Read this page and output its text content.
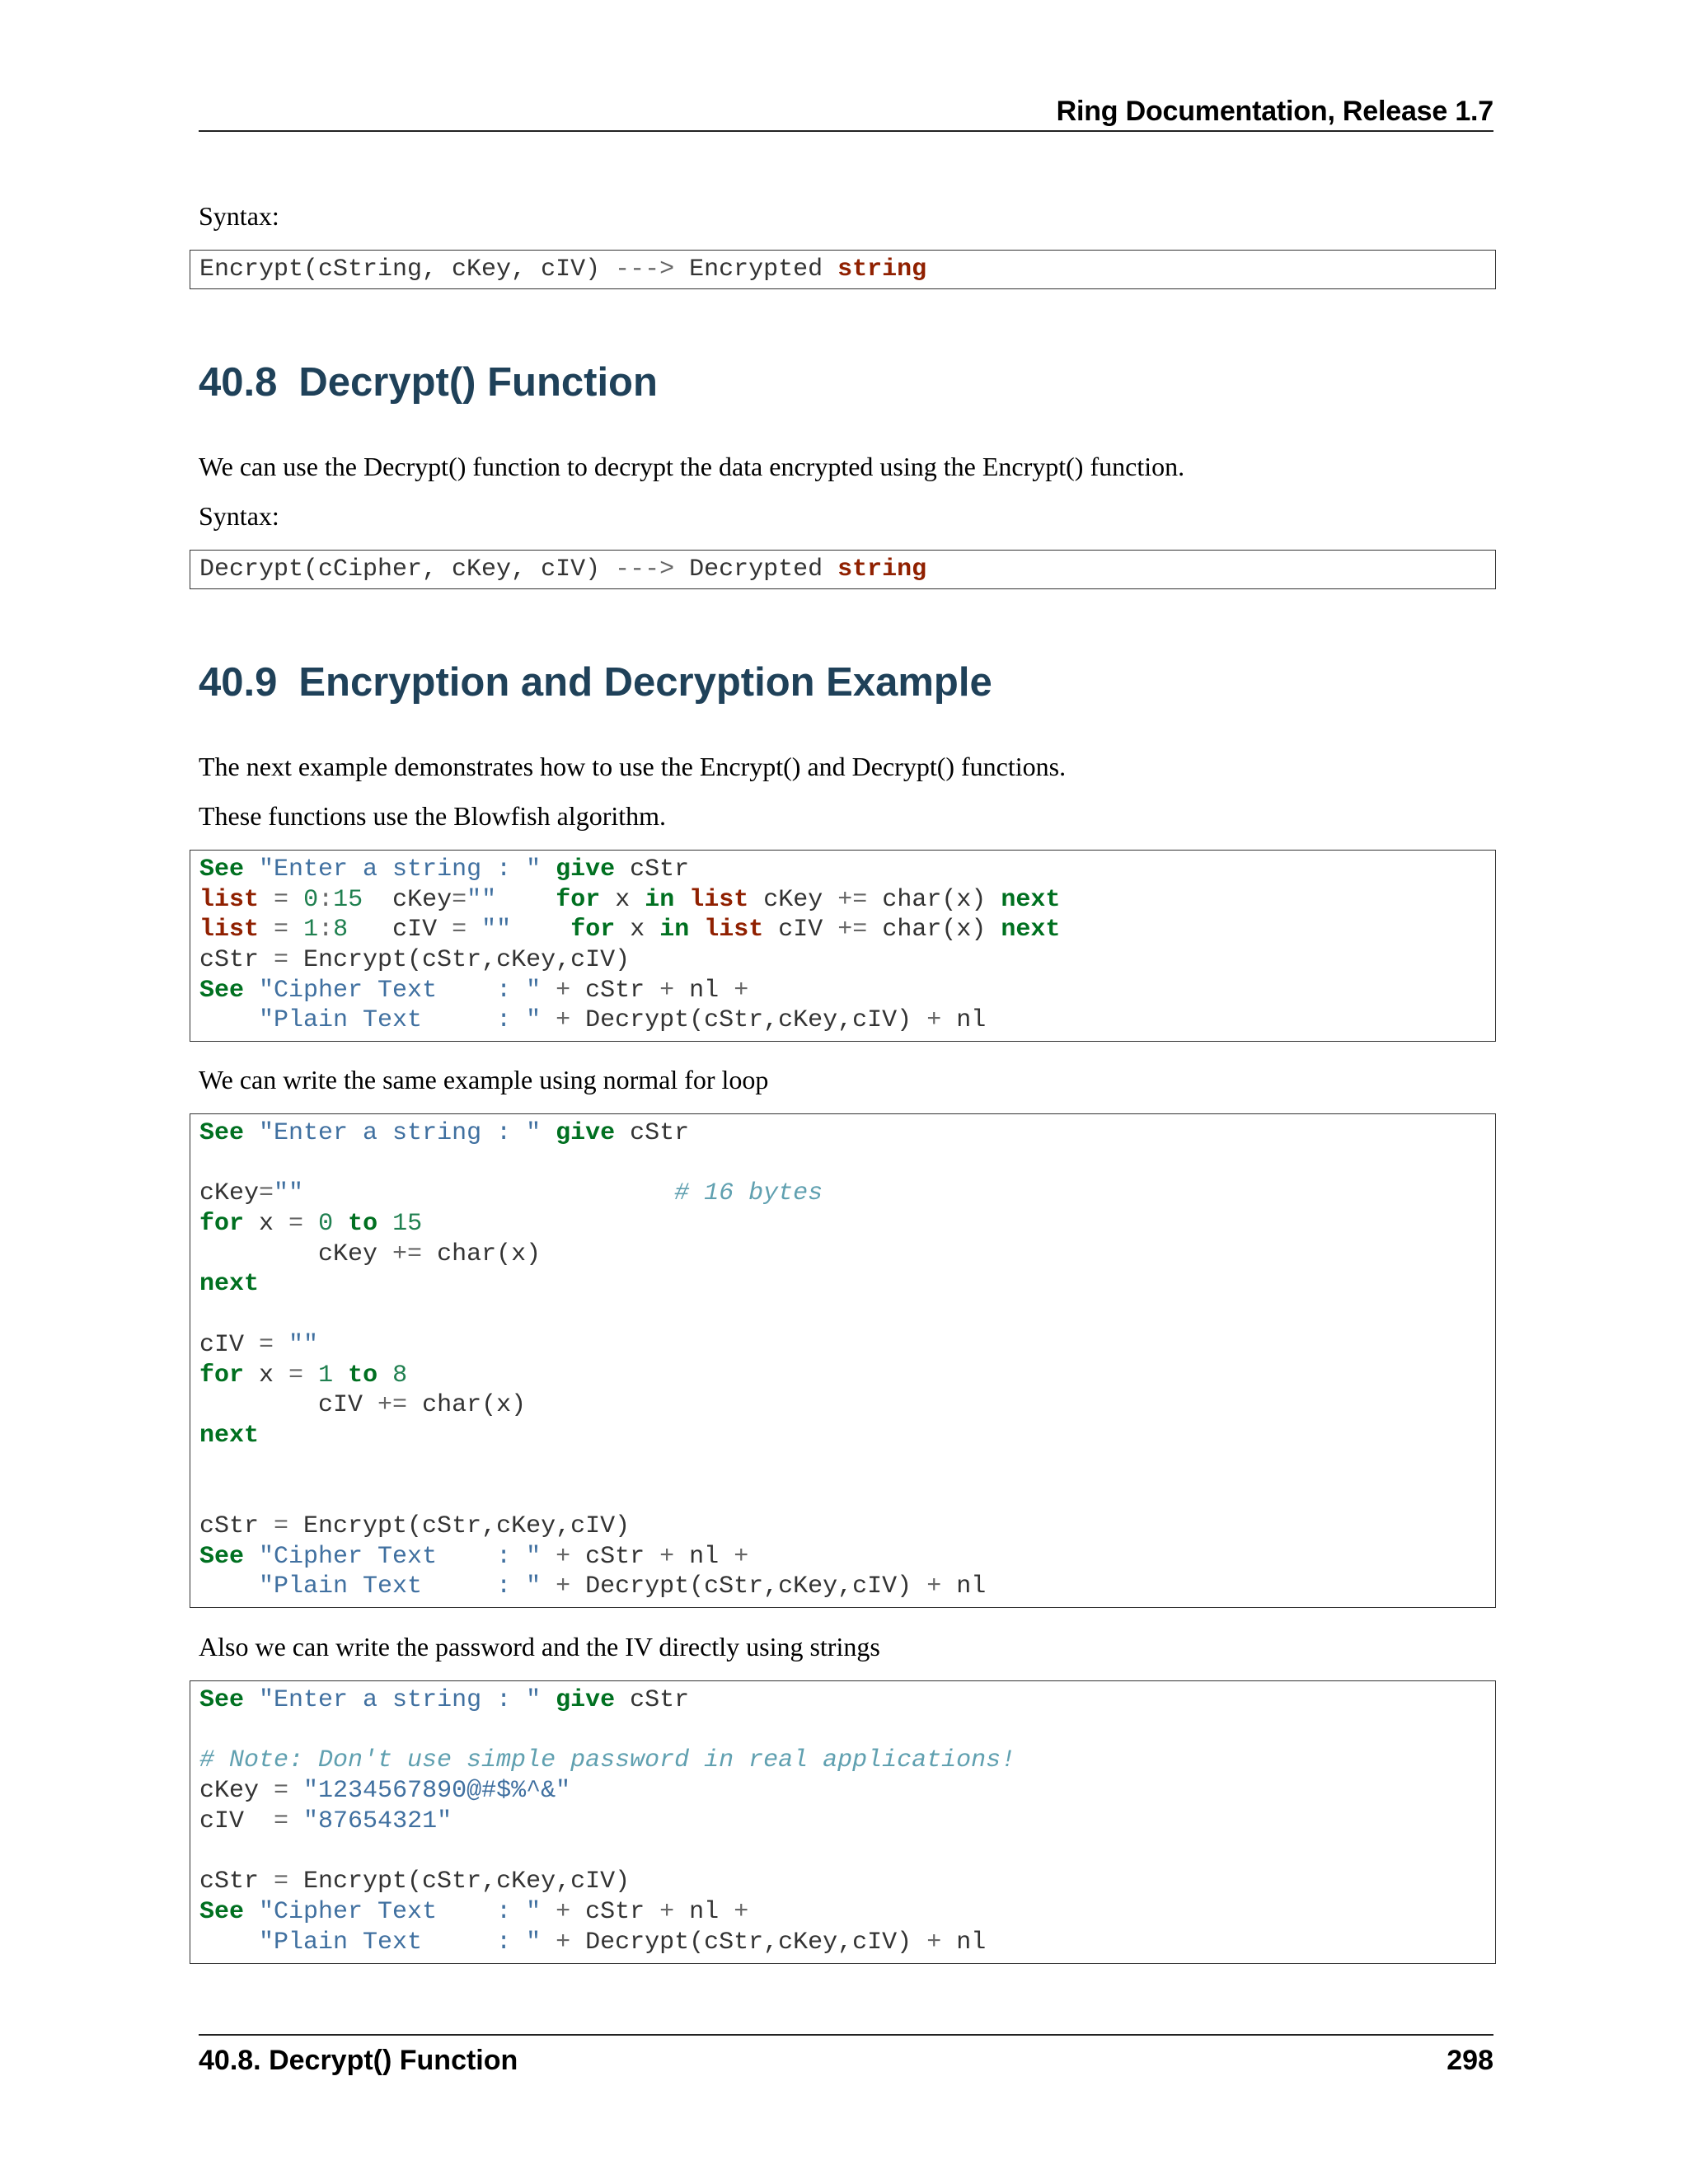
Ring Documentation, Release 1.7
Syntax:
Encrypt(cString, cKey, cIV) ---> Encrypted string
40.8 Decrypt() Function
We can use the Decrypt() function to decrypt the data encrypted using the Encrypt() function.
Syntax:
Decrypt(cCipher, cKey, cIV) ---> Decrypted string
40.9 Encryption and Decryption Example
The next example demonstrates how to use the Encrypt() and Decrypt() functions.
These functions use the Blowfish algorithm.
See "Enter a string : " give cStr
list = 0:15  cKey="" for x in list cKey += char(x) next
list = 1:8   cIV = "" for x in list cIV += char(x) next
cStr = Encrypt(cStr,cKey,cIV)
See "Cipher Text    : " + cStr + nl +
"Plain Text     : " + Decrypt(cStr,cKey,cIV) + nl
We can write the same example using normal for loop
See "Enter a string : " give cStr

cKey=""	# 16 bytes
for x = 0 to 15
cKey += char(x)
next

cIV = ""
for x = 1 to 8
cIV += char(x)
next

cStr = Encrypt(cStr,cKey,cIV)
See "Cipher Text    : " + cStr + nl +
"Plain Text     : " + Decrypt(cStr,cKey,cIV) + nl
Also we can write the password and the IV directly using strings
See "Enter a string : " give cStr

# Note: Don't use simple password in real applications!
cKey = "1234567890@#$%^&"
cIV  = "87654321"

cStr = Encrypt(cStr,cKey,cIV)
See "Cipher Text    : " + cStr + nl +
"Plain Text     : " + Decrypt(cStr,cKey,cIV) + nl
40.8. Decrypt() Function	298
